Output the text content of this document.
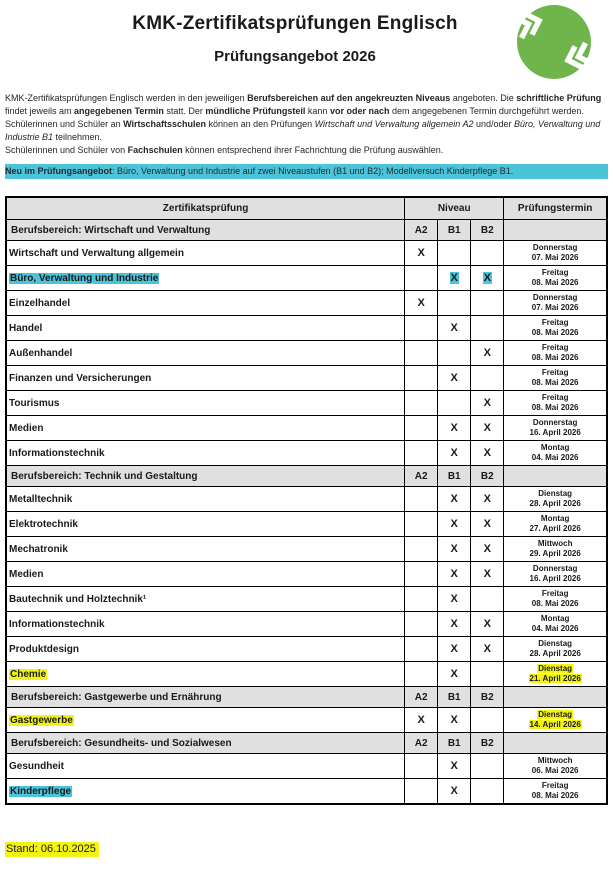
KMK-Zertifikatsprüfungen Englisch
Prüfungsangebot 2026

KMK-Zertifikatsprüfungen Englisch werden in den jeweiligen Berufsbereichen auf den angekreuzten Niveaus angeboten. Die schriftliche Prüfung findet jeweils am angegebenen Termin statt. Der mündliche Prüfungsteil kann vor oder nach dem angegebenen Termin durchgeführt werden.

Schülerinnen und Schüler an Wirtschaftsschulen können an den Prüfungen Wirtschaft und Verwaltung allgemein A2 und/oder Büro, Verwaltung und Industrie B1 teilnehmen.

Schülerinnen und Schüler von Fachschulen können entsprechend ihrer Fachrichtung die Prüfung auswählen.

Neu im Prüfungsangebot: Büro, Verwaltung und Industrie auf zwei Niveaustufen (B1 und B2); Modellversuch Kinderpflege B1.
Zertifikatsprüfung	Niveau			Prüfungstermin
Berufsbereich: Wirtschaft und Verwaltung	A2	B1	B2	
Wirtschaft und Verwaltung allgemein	X			Donnerstag
07. Mai 2026

Büro, Verwaltung und Industrie		X	X	Freitag
08. Mai 2026

Einzelhandel	X			Donnerstag
07. Mai 2026

Handel		X		Freitag
08. Mai 2026

Außenhandel			X	Freitag
08. Mai 2026

Finanzen und Versicherungen		X		Freitag
08. Mai 2026

Tourismus			X	Freitag
08. Mai 2026

Medien		X	X	Donnerstag
16. April 2026

Informationstechnik		X	X	Montag
04. Mai 2026

Berufsbereich: Technik und Gestaltung	A2	B1	B2	
Metalltechnik		X	X	Dienstag
28. April 2026

Elektrotechnik		X	X	Montag
27. April 2026

Mechatronik		X	X	Mittwoch
29. April 2026

Medien		X	X	Donnerstag
16. April 2026

Bautechnik und Holztechnik¹		X		Freitag
08. Mai 2026

Informationstechnik		X	X	Montag
04. Mai 2026

Produktdesign		X	X	Dienstag
28. April 2026

Chemie		X		Dienstag
21. April 2026

Berufsbereich: Gastgewerbe und Ernährung	A2	B1	B2	
Gastgewerbe	X	X		Dienstag
14. April 2026

Berufsbereich: Gesundheits- und Sozialwesen	A2	B1	B2	
Gesundheit		X		Mittwoch
06. Mai 2026

Kinderpflege		X		Freitag
08. Mai 2026
Stand: 06.10.2025
